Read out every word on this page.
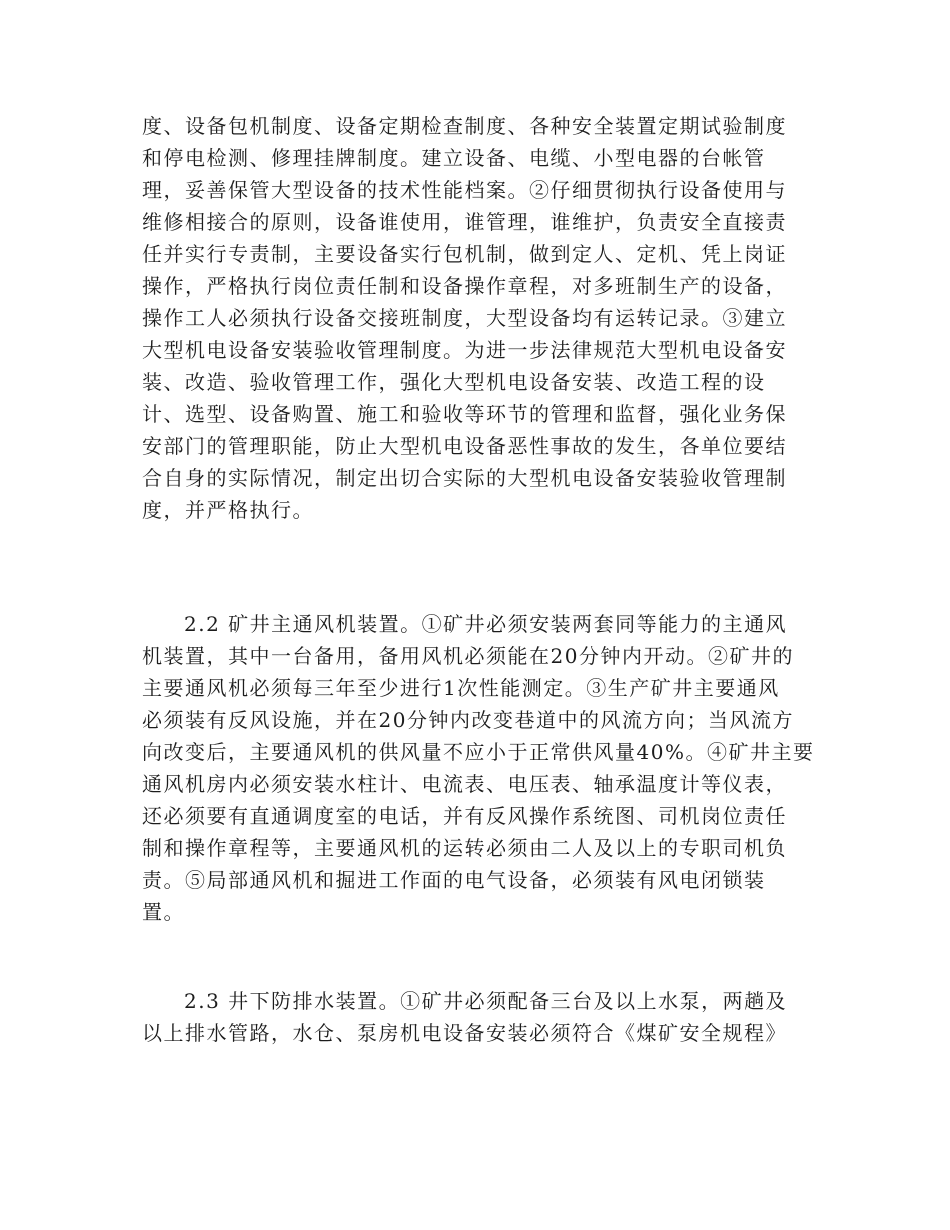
度、设备包机制度、设备定期检查制度、各种安全装置定期试验制度
和停电检测、修理挂牌制度。建立设备、电缆、小型电器的台帐管
理，妥善保管大型设备的技术性能档案。②仔细贯彻执行设备使用与
维修相接合的原则，设备谁使用，谁管理，谁维护，负责安全直接责
任并实行专责制，主要设备实行包机制，做到定人、定机、凭上岗证
操作，严格执行岗位责任制和设备操作章程，对多班制生产的设备，
操作工人必须执行设备交接班制度，大型设备均有运转记录。③建立
大型机电设备安装验收管理制度。为进一步法律规范大型机电设备安
装、改造、验收管理工作，强化大型机电设备安装、改造工程的设
计、选型、设备购置、施工和验收等环节的管理和监督，强化业务保
安部门的管理职能，防止大型机电设备恶性事故的发生，各单位要结
合自身的实际情况，制定出切合实际的大型机电设备安装验收管理制
度，并严格执行。
2.2 矿井主通风机装置。①矿井必须安装两套同等能力的主通风
机装置，其中一台备用，备用风机必须能在20分钟内开动。②矿井的
主要通风机必须每三年至少进行1次性能测定。③生产矿井主要通风
必须装有反风设施，并在20分钟内改变巷道中的风流方向；当风流方
向改变后，主要通风机的供风量不应小于正常供风量40%。④矿井主要
通风机房内必须安装水柱计、电流表、电压表、轴承温度计等仪表，
还必须要有直通调度室的电话，并有反风操作系统图、司机岗位责任
制和操作章程等，主要通风机的运转必须由二人及以上的专职司机负
责。⑤局部通风机和掘进工作面的电气设备，必须装有风电闭锁装
置。
2.3 井下防排水装置。①矿井必须配备三台及以上水泵，两趟及
以上排水管路，水仓、泵房机电设备安装必须符合《煤矿安全规程》
